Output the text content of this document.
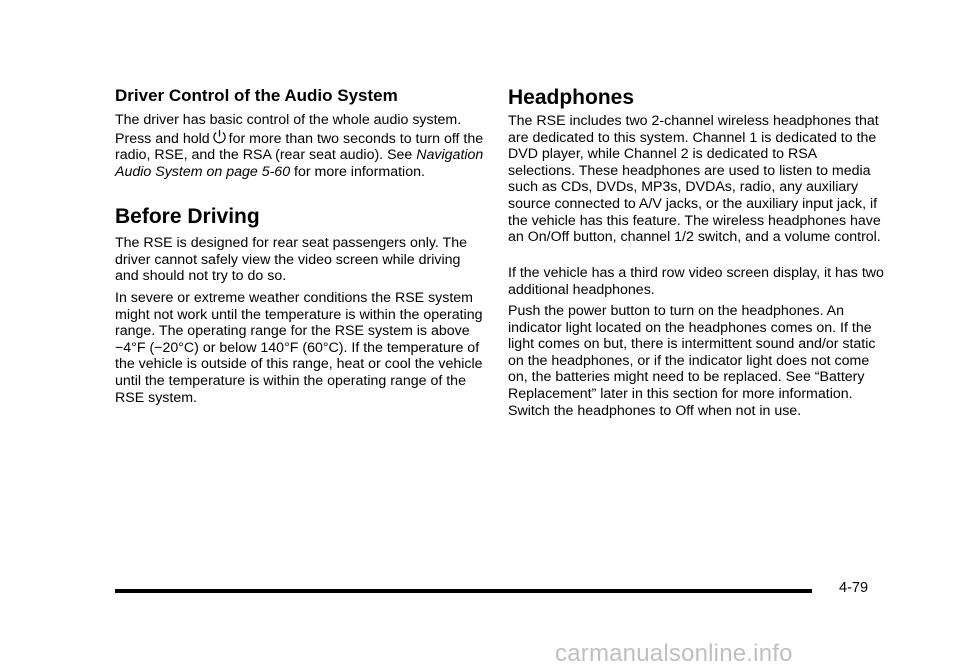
Driver Control of the Audio System

The driver has basic control of the whole audio system.
Press and hold for more than two seconds to turn off the radio, RSE, and the RSA (rear seat audio). See Navigation Audio System on page 5-60 for more information.

Before Driving

The RSE is designed for rear seat passengers only. The driver cannot safely view the video screen while driving and should not try to do so.

In severe or extreme weather conditions the RSE system might not work until the temperature is within the operating range. The operating range for the RSE system is above −4°F (−20°C) or below 140°F (60°C). If the temperature of the vehicle is outside of this range, heat or cool the vehicle until the temperature is within the operating range of the RSE system.

Headphones

The RSE includes two 2-channel wireless headphones that are dedicated to this system. Channel 1 is dedicated to the DVD player, while Channel 2 is dedicated to RSA selections. These headphones are used to listen to media such as CDs, DVDs, MP3s, DVDAs, radio, any auxiliary source connected to A/V jacks, or the auxiliary input jack, if the vehicle has this feature. The wireless headphones have an On/Off button, channel 1/2 switch, and a volume control.

If the vehicle has a third row video screen display, it has two additional headphones.

Push the power button to turn on the headphones. An indicator light located on the headphones comes on. If the light comes on but, there is intermittent sound and/or static on the headphones, or if the indicator light does not come on, the batteries might need to be replaced. See “Battery Replacement” later in this section for more information. Switch the headphones to Off when not in use.

4-79
carmanualsonline.info
